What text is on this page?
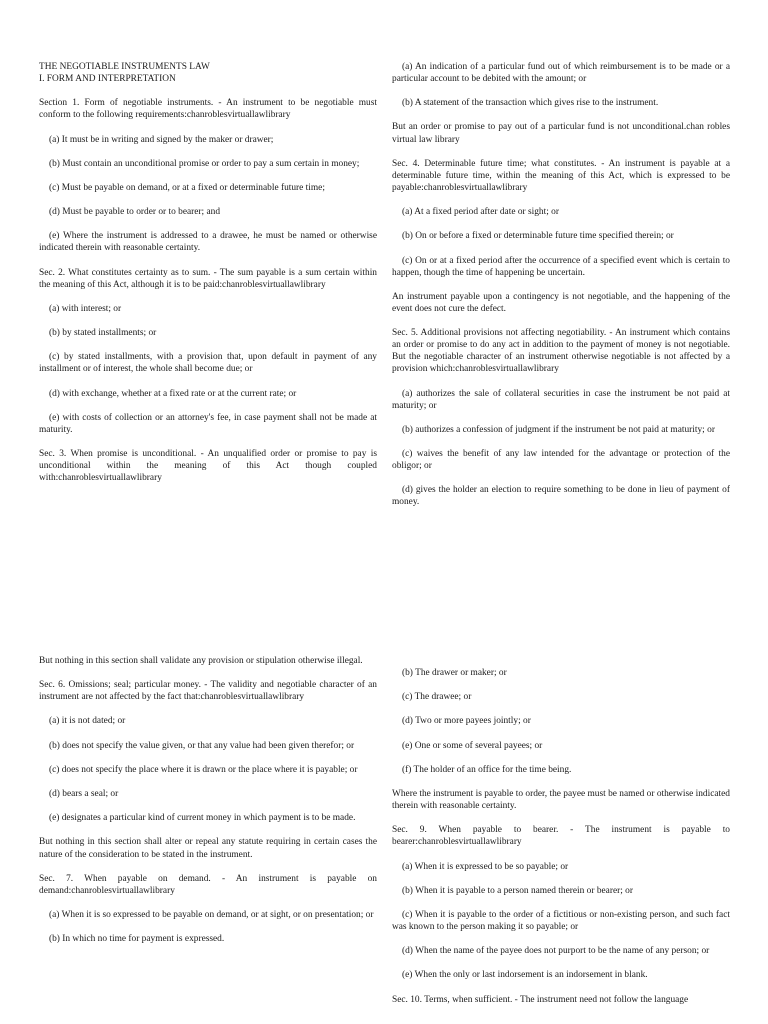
THE NEGOTIABLE INSTRUMENTS LAW
I. FORM AND INTERPRETATION

Section 1. Form of negotiable instruments. - An instrument to be negotiable must conform to the following requirements:chanroblesvirtuallawlibrary

(a) It must be in writing and signed by the maker or drawer;

(b) Must contain an unconditional promise or order to pay a sum certain in money;

(c) Must be payable on demand, or at a fixed or determinable future time;

(d) Must be payable to order or to bearer; and

(e) Where the instrument is addressed to a drawee, he must be named or otherwise indicated therein with reasonable certainty.

Sec. 2. What constitutes certainty as to sum. - The sum payable is a sum certain within the meaning of this Act, although it is to be paid:chanroblesvirtuallawlibrary

(a) with interest; or

(b) by stated installments; or

(c) by stated installments, with a provision that, upon default in payment of any installment or of interest, the whole shall become due; or

(d) with exchange, whether at a fixed rate or at the current rate; or

(e) with costs of collection or an attorney's fee, in case payment shall not be made at maturity.

Sec. 3. When promise is unconditional. - An unqualified order or promise to pay is unconditional within the meaning of this Act though coupled with:chanroblesvirtuallawlibrary

(a) An indication of a particular fund out of which reimbursement is to be made or a particular account to be debited with the amount; or

(b) A statement of the transaction which gives rise to the instrument.

But an order or promise to pay out of a particular fund is not unconditional.chan robles virtual law library

Sec. 4. Determinable future time; what constitutes. - An instrument is payable at a determinable future time, within the meaning of this Act, which is expressed to be payable:chanroblesvirtuallawlibrary

(a) At a fixed period after date or sight; or

(b) On or before a fixed or determinable future time specified therein; or

(c) On or at a fixed period after the occurrence of a specified event which is certain to happen, though the time of happening be uncertain.

An instrument payable upon a contingency is not negotiable, and the happening of the event does not cure the defect.

Sec. 5. Additional provisions not affecting negotiability. - An instrument which contains an order or promise to do any act in addition to the payment of money is not negotiable. But the negotiable character of an instrument otherwise negotiable is not affected by a provision which:chanroblesvirtuallawlibrary

(a) authorizes the sale of collateral securities in case the instrument be not paid at maturity; or

(b) authorizes a confession of judgment if the instrument be not paid at maturity; or

(c) waives the benefit of any law intended for the advantage or protection of the obligor; or

(d) gives the holder an election to require something to be done in lieu of payment of money.

But nothing in this section shall validate any provision or stipulation otherwise illegal.

Sec. 6. Omissions; seal; particular money. - The validity and negotiable character of an instrument are not affected by the fact that:chanroblesvirtuallawlibrary

(a) it is not dated; or

(b) does not specify the value given, or that any value had been given therefor; or

(c) does not specify the place where it is drawn or the place where it is payable; or

(d) bears a seal; or

(e) designates a particular kind of current money in which payment is to be made.

But nothing in this section shall alter or repeal any statute requiring in certain cases the nature of the consideration to be stated in the instrument.

Sec. 7. When payable on demand. - An instrument is payable on demand:chanroblesvirtuallawlibrary

(a) When it is so expressed to be payable on demand, or at sight, or on presentation; or

(b) In which no time for payment is expressed.

(b) The drawer or maker; or

(c) The drawee; or

(d) Two or more payees jointly; or

(e) One or some of several payees; or

(f) The holder of an office for the time being.

Where the instrument is payable to order, the payee must be named or otherwise indicated therein with reasonable certainty.

Sec. 9. When payable to bearer. - The instrument is payable to bearer:chanroblesvirtuallawlibrary

(a) When it is expressed to be so payable; or

(b) When it is payable to a person named therein or bearer; or

(c) When it is payable to the order of a fictitious or non-existing person, and such fact was known to the person making it so payable; or

(d) When the name of the payee does not purport to be the name of any person; or

(e) When the only or last indorsement is an indorsement in blank.

Sec. 10. Terms, when sufficient. - The instrument need not follow the language
